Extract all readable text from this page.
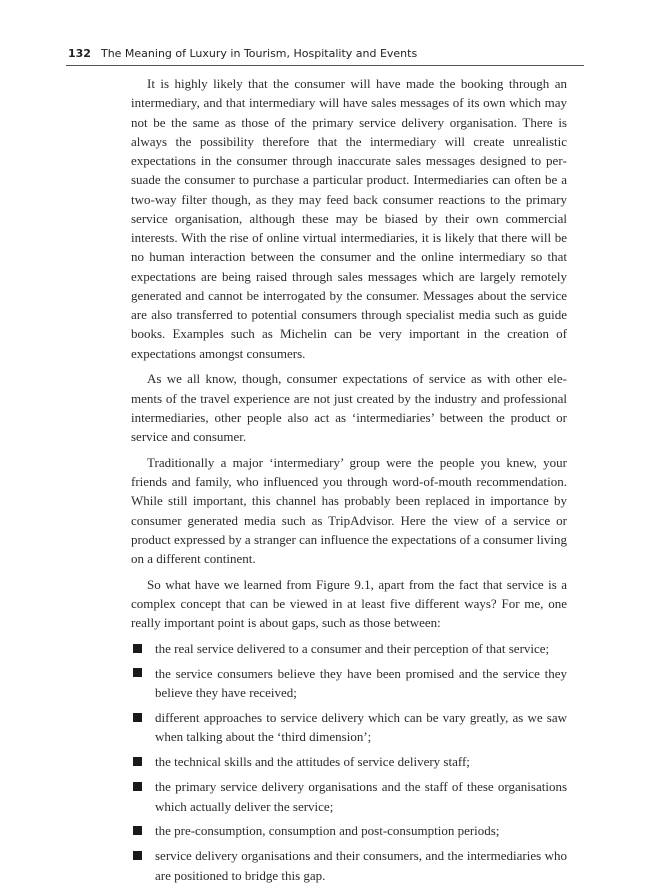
132 The Meaning of Luxury in Tourism, Hospitality and Events

It is highly likely that the consumer will have made the booking through an intermediary, and that intermediary will have sales messages of its own which may not be the same as those of the primary service delivery organisation. There is always the possibility therefore that the intermediary will create unrealistic expectations in the consumer through inaccurate sales messages designed to persuade the consumer to purchase a particular product. Intermediaries can often be a two-way filter though, as they may feed back consumer reactions to the primary service organisation, although these may be biased by their own commercial interests. With the rise of online virtual intermediaries, it is likely that there will be no human interaction between the consumer and the online intermediary so that expectations are being raised through sales messages which are largely remotely generated and cannot be interrogated by the consumer. Messages about the service are also transferred to potential consumers through specialist media such as guide books. Examples such as Michelin can be very important in the creation of expectations amongst consumers.

As we all know, though, consumer expectations of service as with other elements of the travel experience are not just created by the industry and professional intermediaries, other people also act as ‘intermediaries’ between the product or service and consumer.

Traditionally a major ‘intermediary’ group were the people you knew, your friends and family, who influenced you through word-of-mouth recommendation. While still important, this channel has probably been replaced in importance by consumer generated media such as TripAdvisor. Here the view of a service or product expressed by a stranger can influence the expectations of a consumer living on a different continent.

So what have we learned from Figure 9.1, apart from the fact that service is a complex concept that can be viewed in at least five different ways? For me, one really important point is about gaps, such as those between:

the real service delivered to a consumer and their perception of that service;
the service consumers believe they have been promised and the service they believe they have received;
different approaches to service delivery which can be vary greatly, as we saw when talking about the ‘third dimension’;
the technical skills and the attitudes of service delivery staff;
the primary service delivery organisations and the staff of these organisations which actually deliver the service;
the pre-consumption, consumption and post-consumption periods;
service delivery organisations and their consumers, and the intermediaries who are positioned to bridge this gap.
